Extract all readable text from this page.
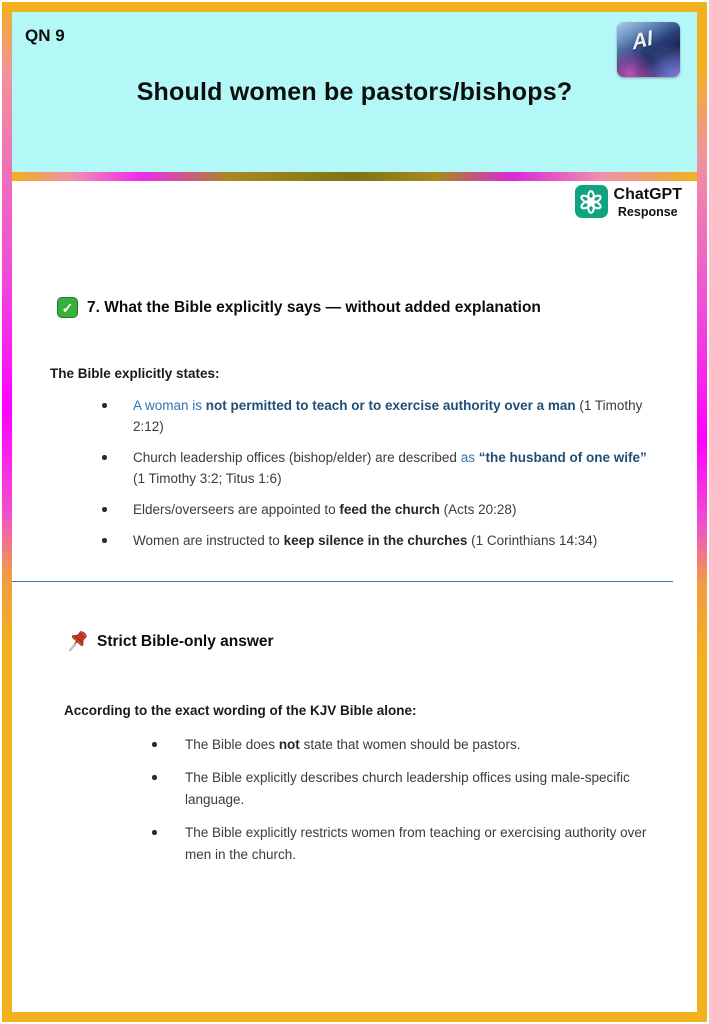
QN 9
Should women be pastors/bishops?
AI
ChatGPT
Response
✓ 7. What the Bible explicitly says — without added explanation
The Bible explicitly states:
A woman is not permitted to teach or to exercise authority over a man (1 Timothy 2:12)
Church leadership offices (bishop/elder) are described as “the husband of one wife” (1 Timothy 3:2; Titus 1:6)
Elders/overseers are appointed to feed the church (Acts 20:28)
Women are instructed to keep silence in the churches (1 Corinthians 14:34)
Strict Bible-only answer
According to the exact wording of the KJV Bible alone:
The Bible does not state that women should be pastors.
The Bible explicitly describes church leadership offices using male-specific language.
The Bible explicitly restricts women from teaching or exercising authority over men in the church.
